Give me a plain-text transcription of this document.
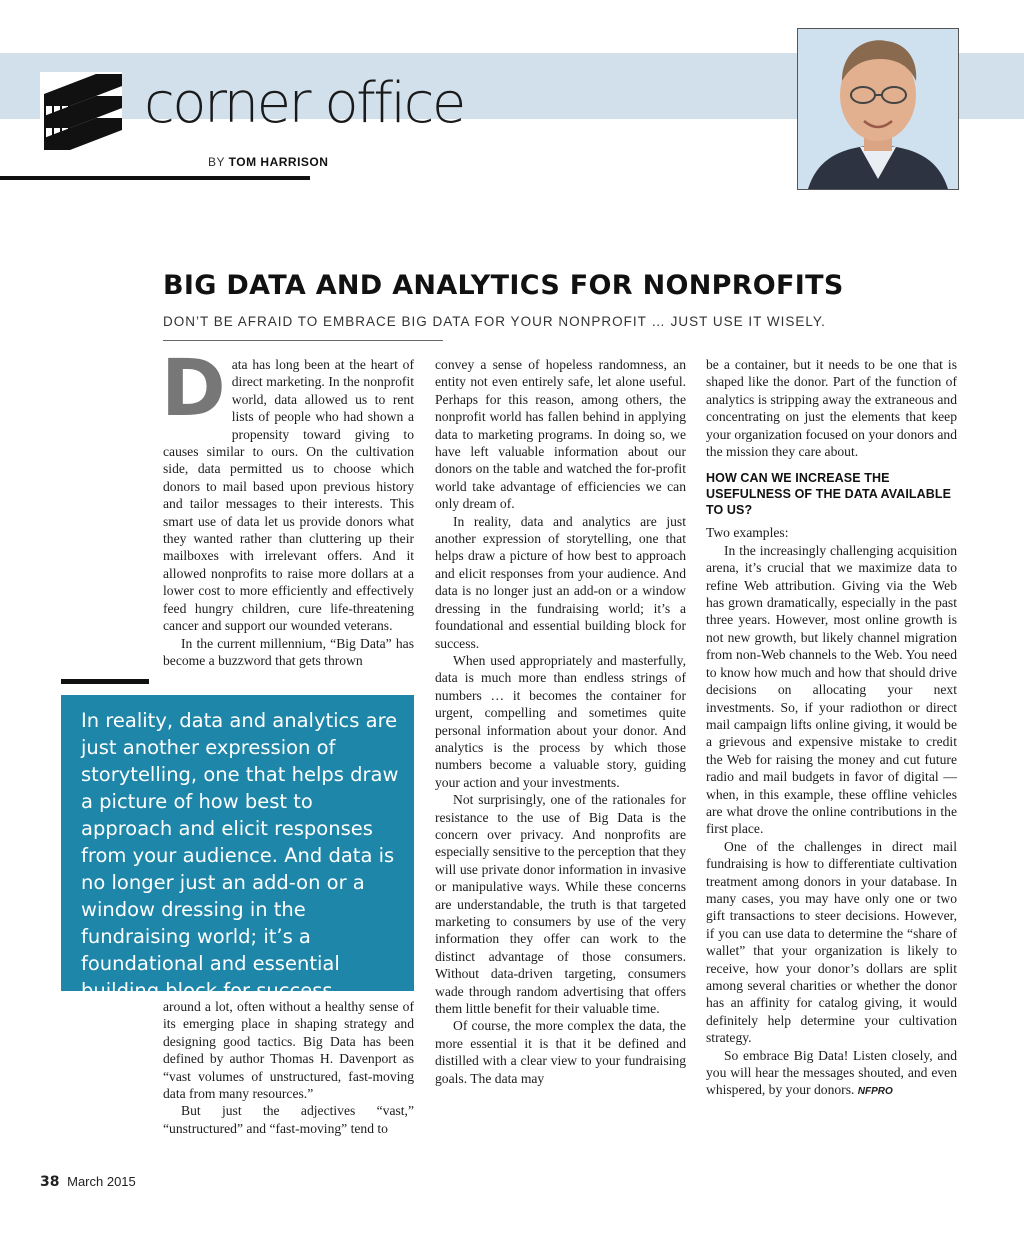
corner office
BY TOM HARRISON
BIG DATA AND ANALYTICS FOR NONPROFITS
DON’T BE AFRAID TO EMBRACE BIG DATA FOR YOUR NONPROFIT … JUST USE IT WISELY.

Data has long been at the heart of direct marketing. In the nonprofit world, data allowed us to rent lists of people who had shown a propensity toward giving to causes similar to ours. On the cultivation side, data permitted us to choose which donors to mail based upon previous history and tailor messages to their interests. This smart use of data let us provide donors what they wanted rather than cluttering up their mailboxes with irrelevant offers. And it allowed nonprofits to raise more dollars at a lower cost to more efficiently and effectively feed hungry children, cure life-threatening cancer and support our wounded veterans.

In the current millennium, “Big Data” has become a buzzword that gets thrown

In reality, data and analytics are just another expression of storytelling, one that helps draw a picture of how best to approach and elicit responses from your audience. And data is no longer just an add-on or a window dressing in the fundraising world; it’s a foundational and essential building block for success.

around a lot, often without a healthy sense of its emerging place in shaping strategy and designing good tactics. Big Data has been defined by author Thomas H. Davenport as “vast volumes of unstructured, fast-moving data from many resources.”

But just the adjectives “vast,” “unstructured” and “fast-moving” tend to

convey a sense of hopeless randomness, an entity not even entirely safe, let alone useful. Perhaps for this reason, among others, the nonprofit world has fallen behind in applying data to marketing programs. In doing so, we have left valuable information about our donors on the table and watched the for-profit world take advantage of efficiencies we can only dream of.

In reality, data and analytics are just another expression of storytelling, one that helps draw a picture of how best to approach and elicit responses from your audience. And data is no longer just an add-on or a window dressing in the fundraising world; it’s a foundational and essential building block for success.

When used appropriately and masterfully, data is much more than endless strings of numbers … it becomes the container for urgent, compelling and sometimes quite personal information about your donor. And analytics is the process by which those numbers become a valuable story, guiding your action and your investments.

Not surprisingly, one of the rationales for resistance to the use of Big Data is the concern over privacy. And nonprofits are especially sensitive to the perception that they will use private donor information in invasive or manipulative ways. While these concerns are understandable, the truth is that targeted marketing to consumers by use of the very information they offer can work to the distinct advantage of those consumers. Without data-driven targeting, consumers wade through random advertising that offers them little benefit for their valuable time.

Of course, the more complex the data, the more essential it is that it be defined and distilled with a clear view to your fundraising goals. The data may

be a container, but it needs to be one that is shaped like the donor. Part of the function of analytics is stripping away the extraneous and concentrating on just the elements that keep your organization focused on your donors and the mission they care about.

HOW CAN WE INCREASE THE USEFULNESS OF THE DATA AVAILABLE TO US?

Two examples:

In the increasingly challenging acquisition arena, it’s crucial that we maximize data to refine Web attribution. Giving via the Web has grown dramatically, especially in the past three years. However, most online growth is not new growth, but likely channel migration from non-Web channels to the Web. You need to know how much and how that should drive decisions on allocating your next investments. So, if your radiothon or direct mail campaign lifts online giving, it would be a grievous and expensive mistake to credit the Web for raising the money and cut future radio and mail budgets in favor of digital — when, in this example, these offline vehicles are what drove the online contributions in the first place.

One of the challenges in direct mail fundraising is how to differentiate cultivation treatment among donors in your database. In many cases, you may have only one or two gift transactions to steer decisions. However, if you can use data to determine the “share of wallet” that your organization is likely to receive, how your donor’s dollars are split among several charities or whether the donor has an affinity for catalog giving, it would definitely help determine your cultivation strategy.

So embrace Big Data! Listen closely, and you will hear the messages shouted, and even whispered, by your donors. NFPRO

38 March 2015
